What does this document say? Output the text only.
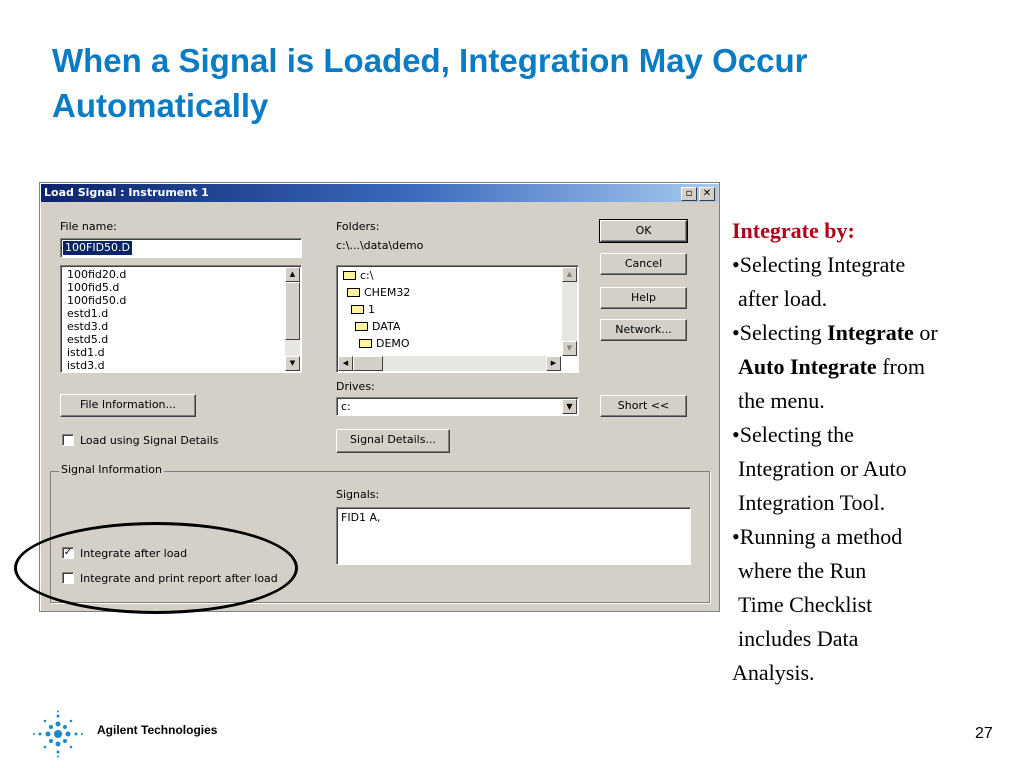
When a Signal is Loaded, Integration May Occur
Automatically
Load Signal : Instrument 1	▫	✕
File name:
100FID50.D
100fid20.d
100fid5.d
100fid50.d
estd1.d
estd3.d
estd5.d
istd1.d
istd3.d
▲
▼
Folders:
c:\...\data\demo
c:\
CHEM32
1
DATA
DEMO
▲
▼
◀	▶
Drives:
c:	▼
OK
Cancel
Help
Network...
Short <<
File Information...
Load using Signal Details	Signal Details...
Signal Information
Signals:
FID1 A,
✓ Integrate after load
Integrate and print report after load
Integrate by:
•Selecting Integrate
after load.
•Selecting Integrate or
Auto Integrate from
the menu.
•Selecting the
Integration or Auto
Integration Tool.
•Running a method
where the Run
Time Checklist
includes Data
Analysis.
Agilent Technologies	27
